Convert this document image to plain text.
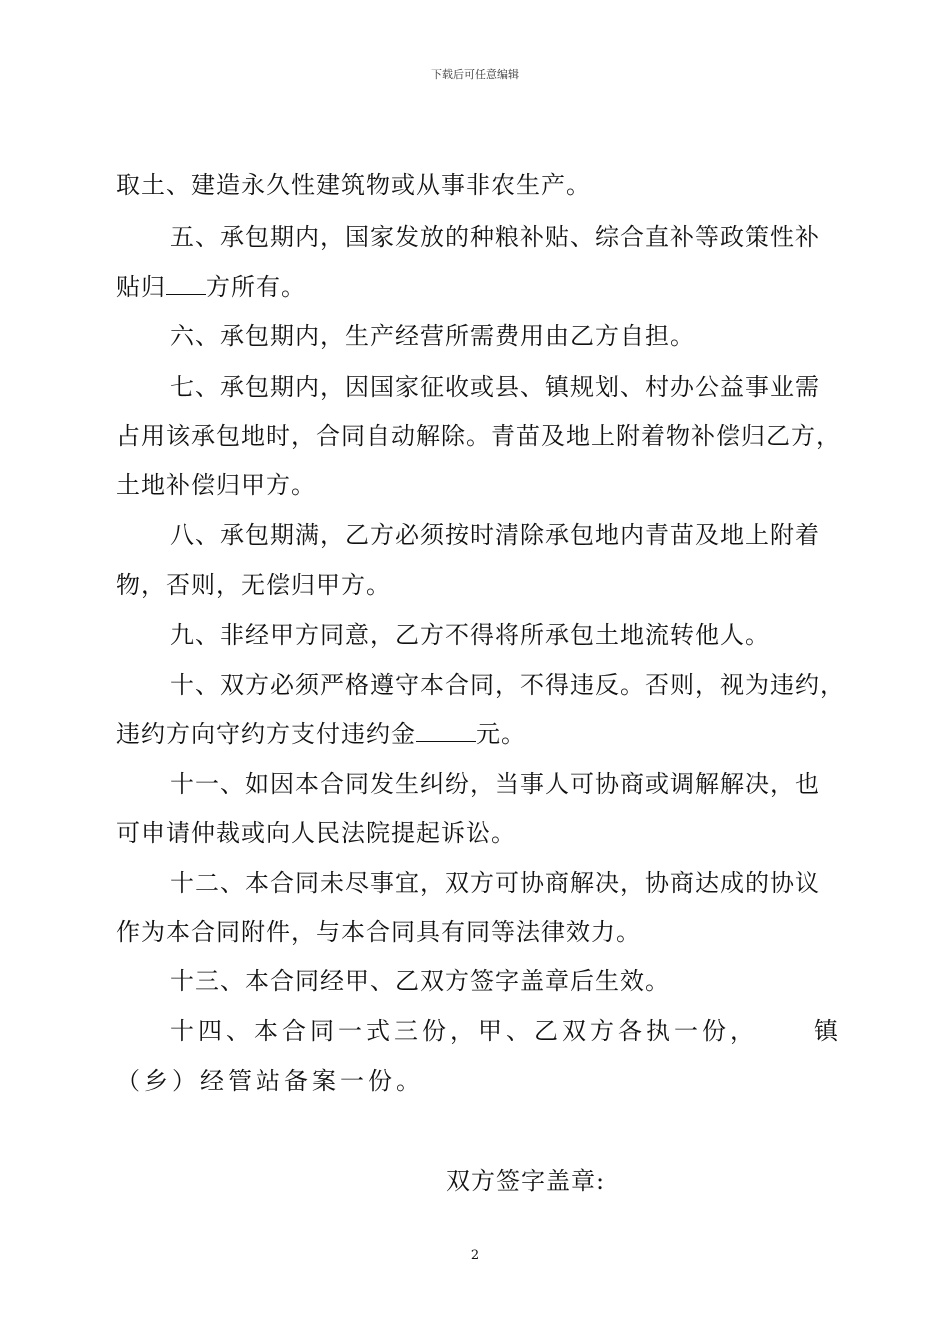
下载后可任意编辑
取土、建造永久性建筑物或从事非农生产。
五、承包期内，国家发放的种粮补贴、综合直补等政策性补
贴归 方所有。
六、承包期内，生产经营所需费用由乙方自担。
七、承包期内，因国家征收或县、镇规划、村办公益事业需
占用该承包地时，合同自动解除。青苗及地上附着物补偿归乙方，
土地补偿归甲方。
八、承包期满，乙方必须按时清除承包地内青苗及地上附着
物，否则，无偿归甲方。
九、非经甲方同意，乙方不得将所承包土地流转他人。
十、双方必须严格遵守本合同，不得违反。否则，视为违约，
违约方向守约方支付违约金	元。
十一、如因本合同发生纠纷，当事人可协商或调解解决，也
可申请仲裁或向人民法院提起诉讼。
十二、本合同未尽事宜，双方可协商解决，协商达成的协议
作为本合同附件，与本合同具有同等法律效力。
十三、本合同经甲、乙双方签字盖章后生效。
十四、本合同一式三份，甲、乙双方各执一份， 镇
（乡）经管站备案一份。
双方签字盖章:
2
